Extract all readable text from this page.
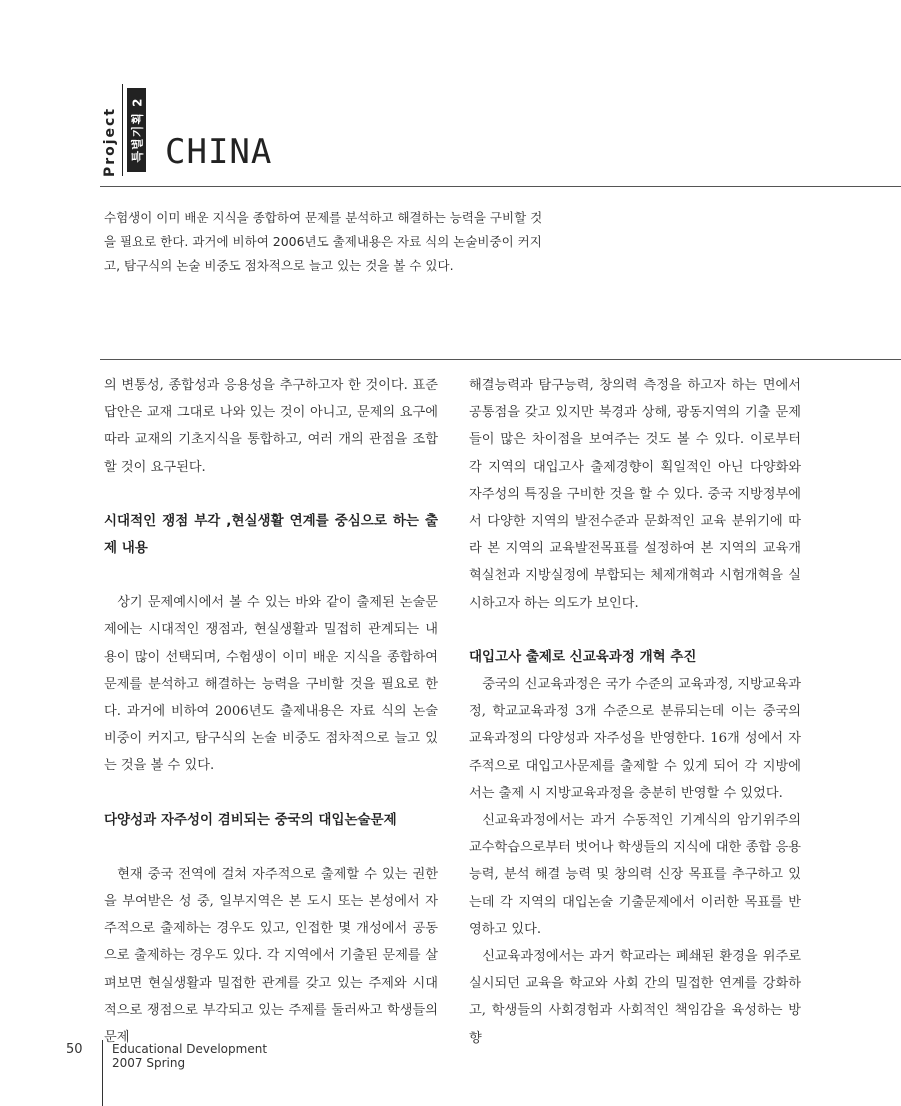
Project 특별기획 2 CHINA

수험생이 이미 배운 지식을 종합하여 문제를 분석하고 해결하는 능력을 구비할 것을 필요로 한다. 과거에 비하여 2006년도 출제내용은 자료 식의 논술비중이 커지고, 탐구식의 논술 비중도 점차적으로 늘고 있는 것을 볼 수 있다.

의 변통성, 종합성과 응용성을 추구하고자 한 것이다. 표준답안은 교재 그대로 나와 있는 것이 아니고, 문제의 요구에 따라 교재의 기초지식을 통합하고, 여러 개의 관점을 조합할 것이 요구된다.

시대적인 쟁점 부각 ,현실생활 연계를 중심으로 하는 출제 내용

상기 문제예시에서 볼 수 있는 바와 같이 출제된 논술문제에는 시대적인 쟁점과, 현실생활과 밀접히 관계되는 내용이 많이 선택되며, 수험생이 이미 배운 지식을 종합하여 문제를 분석하고 해결하는 능력을 구비할 것을 필요로 한다. 과거에 비하여 2006년도 출제내용은 자료 식의 논술비중이 커지고, 탐구식의 논술 비중도 점차적으로 늘고 있는 것을 볼 수 있다.

다양성과 자주성이 겸비되는 중국의 대입논술문제

현재 중국 전역에 걸쳐 자주적으로 출제할 수 있는 권한을 부여받은 성 중, 일부지역은 본 도시 또는 본성에서 자주적으로 출제하는 경우도 있고, 인접한 몇 개성에서 공동으로 출제하는 경우도 있다. 각 지역에서 기출된 문제를 살펴보면 현실생활과 밀접한 관계를 갖고 있는 주제와 시대적으로 쟁점으로 부각되고 있는 주제를 둘러싸고 학생들의 문제

해결능력과 탐구능력, 창의력 측정을 하고자 하는 면에서 공통점을 갖고 있지만 북경과 상해, 광동지역의 기출 문제들이 많은 차이점을 보여주는 것도 볼 수 있다. 이로부터 각 지역의 대입고사 출제경향이 획일적인 아닌 다양화와 자주성의 특징을 구비한 것을 할 수 있다. 중국 지방정부에서 다양한 지역의 발전수준과 문화적인 교육 분위기에 따라 본 지역의 교육발전목표를 설정하여 본 지역의 교육개혁실천과 지방실정에 부합되는 체제개혁과 시험개혁을 실시하고자 하는 의도가 보인다.

대입고사 출제로 신교육과정 개혁 추진

중국의 신교육과정은 국가 수준의 교육과정, 지방교육과정, 학교교육과정 3개 수준으로 분류되는데 이는 중국의 교육과정의 다양성과 자주성을 반영한다. 16개 성에서 자주적으로 대입고사문제를 출제할 수 있게 되어 각 지방에서는 출제 시 지방교육과정을 충분히 반영할 수 있었다.

신교육과정에서는 과거 수동적인 기계식의 암기위주의 교수학습으로부터 벗어나 학생들의 지식에 대한 종합 응용능력, 분석 해결 능력 및 창의력 신장 목표를 추구하고 있는데 각 지역의 대입논술 기출문제에서 이러한 목표를 반영하고 있다.

신교육과정에서는 과거 학교라는 폐쇄된 환경을 위주로 실시되던 교육을 학교와 사회 간의 밀접한 연계를 강화하고, 학생들의 사회경험과 사회적인 책임감을 육성하는 방향

50 Educational Development
2007 Spring
